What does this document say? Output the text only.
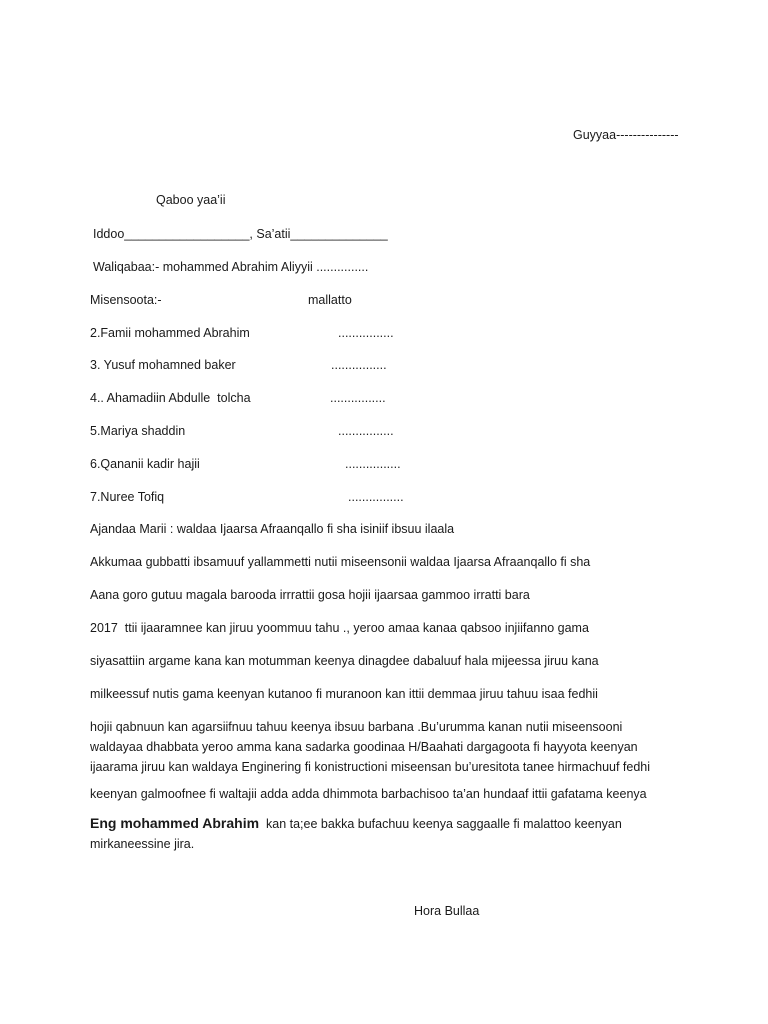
Guyyaa---------------
Qaboo yaa’ii
Iddoo__________________, Sa’atii______________
Waliqabaa:- mohammed Abrahim Aliyyii ...............
Misensoota:-	mallatto
2.Famii mohammed Abrahim	................
3. Yusuf mohamned baker	................
4.. Ahamadiin Abdulle  tolcha	................
5.Mariya shaddin	................
6.Qananii kadir hajii	................
7.Nuree Tofiq	................
Ajandaa Marii : waldaa Ijaarsa Afraanqallo fi sha isiniif ibsuu ilaala
Akkumaa gubbatti ibsamuuf yallammetti nutii miseensonii waldaa Ijaarsa Afraanqallo fi sha
Aana goro gutuu magala barooda irrrattii gosa hojii ijaarsaa gammoo irratti bara
2017  ttii ijaaramnee kan jiruu yoommuu tahu ., yeroo amaa kanaa qabsoo injiifanno gama
siyasattiin argame kana kan motumman keenya dinagdee dabaluuf hala mijeessa jiruu kana
milkeessuf nutis gama keenyan kutanoo fi muranoon kan ittii demmaa jiruu tahuu isaa fedhii
hojii qabnuun kan agarsiifnuu tahuu keenya ibsuu barbana .Bu’urumma kanan nutii miseensooni
waldayaa dhabbata yeroo amma kana sadarka goodinaa H/Baahati dargagoota fi hayyota keenyan
ijaarama jiruu kan waldaya Enginering fi konistructioni miseensan bu’uresitota tanee hirmachuuf fedhi
keenyan galmoofnee fi waltajii adda adda dhimmota barbachisoo ta’an hundaaf ittii gafatama keenya
Eng mohammed Abrahim  kan ta;ee bakka bufachuu keenya saggaalle fi malattoo keenyan
mirkaneessine jira.
Hora Bullaa
